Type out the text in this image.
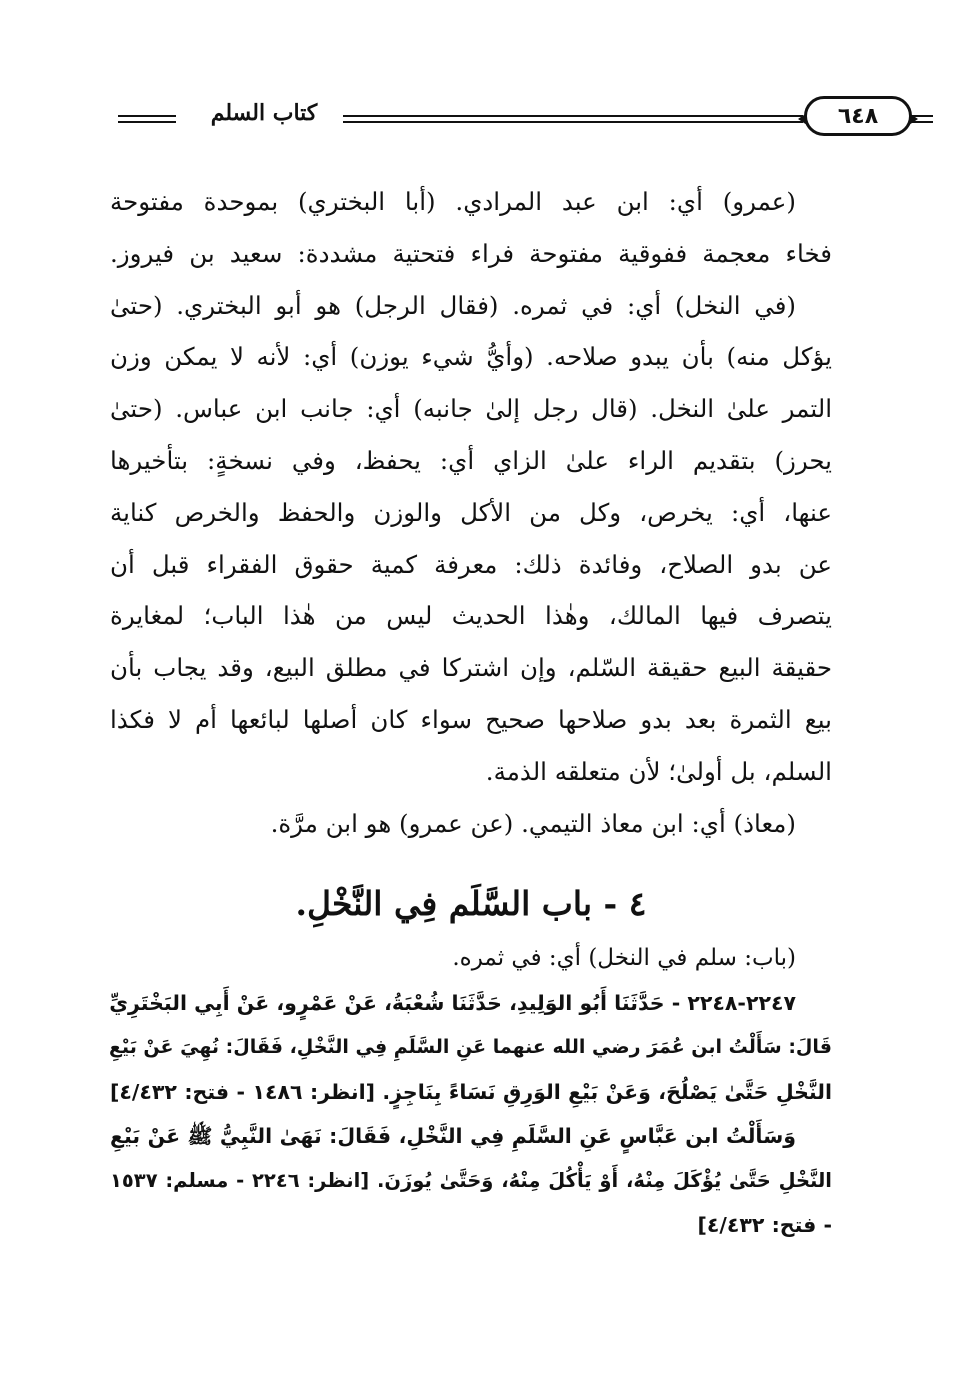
كتاب السلم	٦٤٨
(عمرو) أي: ابن عبد المرادي. (أبا البختري) بموحدة مفتوحة
فخاء معجمة ففوقية مفتوحة فراء فتحتية مشددة: سعيد بن فيروز.
(في النخل) أي: في ثمره. (فقال الرجل) هو أبو البختري. (حتىٰ
يؤكل منه) بأن يبدو صلاحه. (وأيُّ شيء يوزن) أي: لأنه لا يمكن وزن
التمر علىٰ النخل. (قال رجل إلىٰ جانبه) أي: جانب ابن عباس. (حتىٰ
يحرز) بتقديم الراء علىٰ الزاي أي: يحفظ، وفي نسخةٍ: بتأخيرها
عنها، أي: يخرص، وكل من الأكل والوزن والحفظ والخرص كناية
عن بدو الصلاح، وفائدة ذلك: معرفة كمية حقوق الفقراء قبل أن
يتصرف فيها المالك، وهٰذا الحديث ليس من هٰذا الباب؛ لمغايرة
حقيقة البيع حقيقة السّلم، وإن اشتركا في مطلق البيع، وقد يجاب بأن
بيع الثمرة بعد بدو صلاحها صحيح سواء كان أصلها لبائعها أم لا فكذا
السلم، بل أولىٰ؛ لأن متعلقه الذمة.
(معاذ) أي: ابن معاذ التيمي. (عن عمرو) هو ابن مرَّة.
٤ - باب السَّلَم فِي النَّخْلِ.
(باب: سلم في النخل) أي: في ثمره.
٢٢٤٧-٢٢٤٨ - حَدَّثَنَا أَبُو الوَلِيدِ، حَدَّثَنَا شُعْبَةُ، عَنْ عَمْرٍو، عَنْ أَبِي البَخْتَرِيِّ
قَالَ: سَأَلْتُ ابن عُمَرَ رضي الله عنهما عَنِ السَّلَمِ فِي النَّخْلِ، فَقَالَ: نُهِيَ عَنْ بَيْعِ
النَّخْلِ حَتَّىٰ يَصْلُحَ، وَعَنْ بَيْعِ الوَرِقِ نَسَاءً بِنَاجِزٍ. [انظر: ١٤٨٦ - فتح: ٤/٤٣٢]
وَسَأَلْتُ ابن عَبَّاسٍ عَنِ السَّلَمِ فِي النَّخْلِ، فَقَالَ: نَهَىٰ النَّبِيُّ ﷺ عَنْ بَيْعِ
النَّخْلِ حَتَّىٰ يُؤْكَلَ مِنْهُ، أَوْ يَأْكُلَ مِنْهُ، وَحَتَّىٰ يُوزَنَ. [انظر: ٢٢٤٦ - مسلم: ١٥٣٧
- فتح: ٤/٤٣٢]
